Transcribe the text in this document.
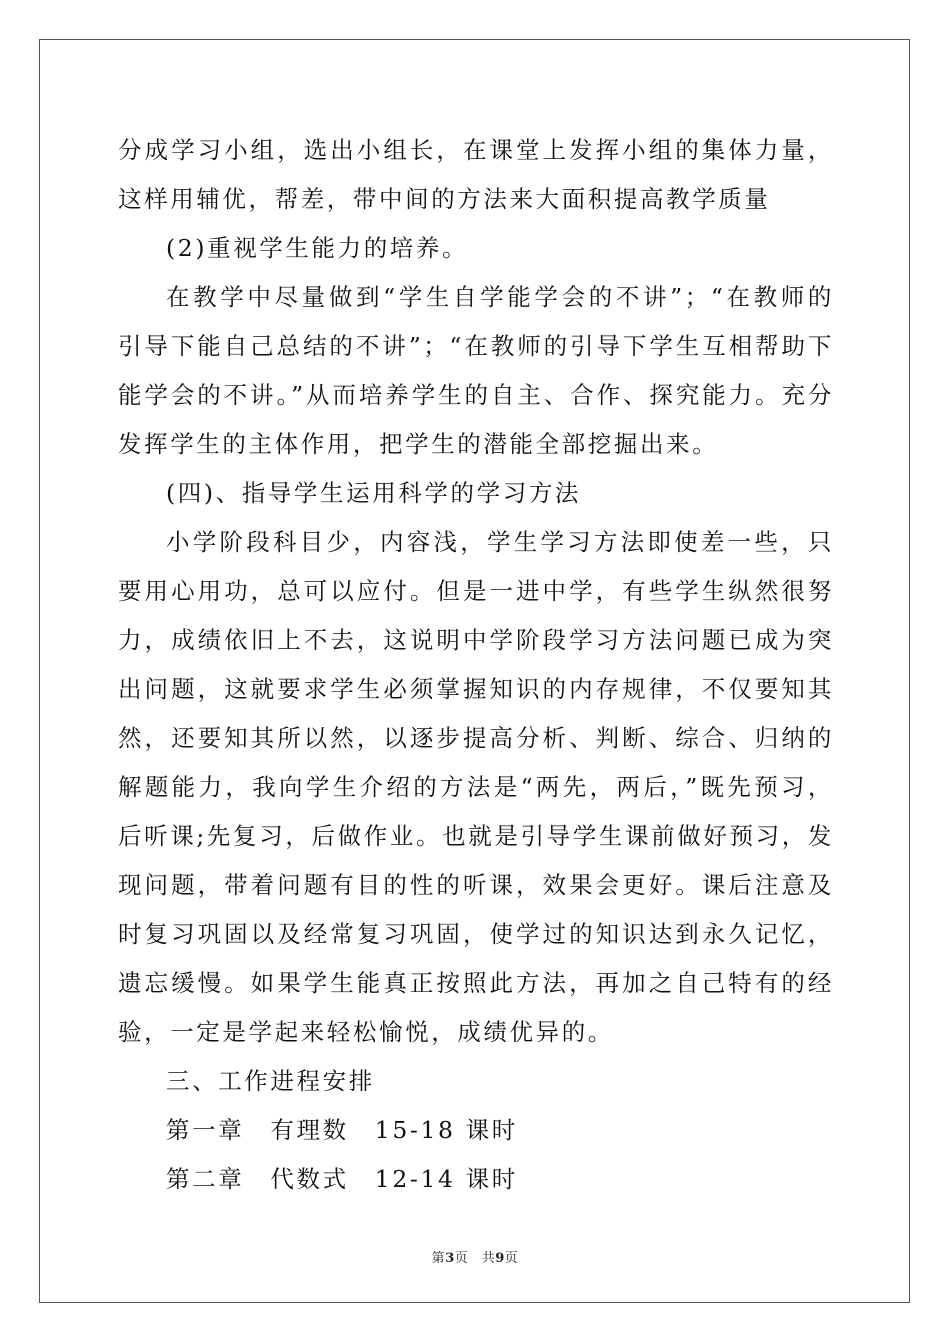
分成学习小组，选出小组长，在课堂上发挥小组的集体力量，这样用辅优，帮差，带中间的方法来大面积提高教学质量

(2)重视学生能力的培养。

在教学中尽量做到“学生自学能学会的不讲”；“在教师的引导下能自己总结的不讲”；“在教师的引导下学生互相帮助下能学会的不讲。”从而培养学生的自主、合作、探究能力。充分发挥学生的主体作用，把学生的潜能全部挖掘出来。

(四)、指导学生运用科学的学习方法

小学阶段科目少，内容浅，学生学习方法即使差一些，只要用心用功，总可以应付。但是一进中学，有些学生纵然很努力，成绩依旧上不去，这说明中学阶段学习方法问题已成为突出问题，这就要求学生必须掌握知识的内存规律，不仅要知其然，还要知其所以然，以逐步提高分析、判断、综合、归纳的解题能力，我向学生介绍的方法是“两先，两后，”既先预习，后听课;先复习，后做作业。也就是引导学生课前做好预习，发现问题，带着问题有目的性的听课，效果会更好。课后注意及时复习巩固以及经常复习巩固，使学过的知识达到永久记忆，遗忘缓慢。如果学生能真正按照此方法，再加之自己特有的经验，一定是学起来轻松愉悦，成绩优异的。

三、工作进程安排

第一章　有理数　15-18 课时

第二章　代数式　12-14 课时

第3页　共9页
